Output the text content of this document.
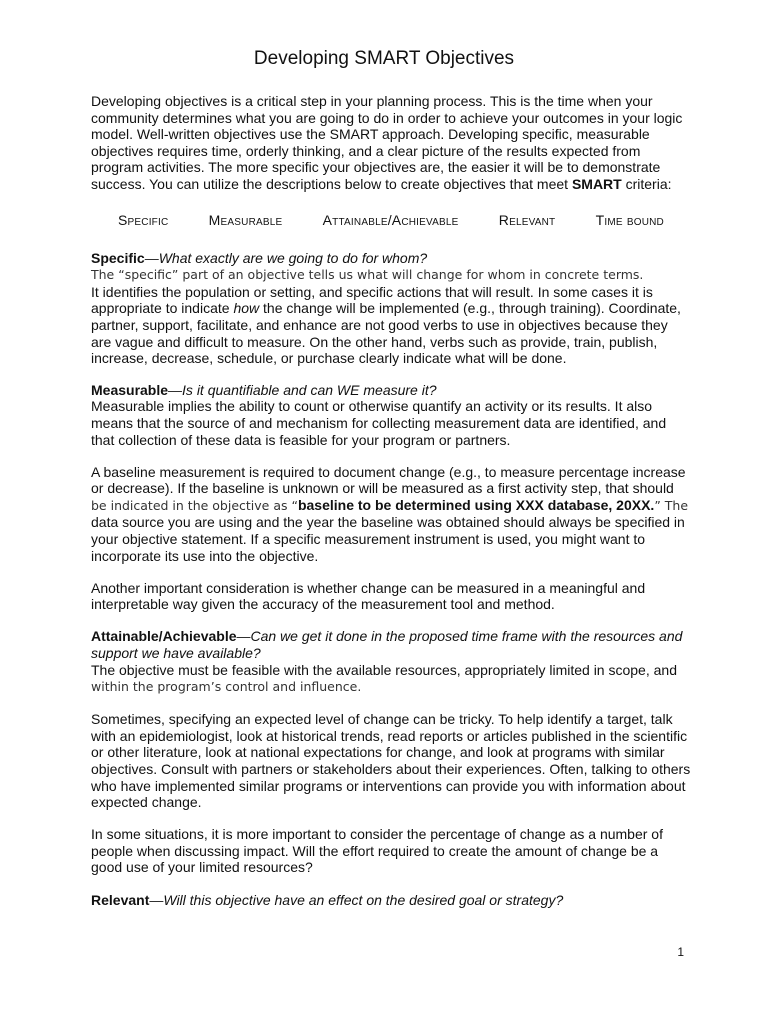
Developing SMART Objectives

Developing objectives is a critical step in your planning process. This is the time when your community determines what you are going to do in order to achieve your outcomes in your logic model. Well-written objectives use the SMART approach. Developing specific, measurable objectives requires time, orderly thinking, and a clear picture of the results expected from program activities. The more specific your objectives are, the easier it will be to demonstrate success. You can utilize the descriptions below to create objectives that meet SMART criteria:

Specific	Measurable	Attainable/Achievable	Relevant	Time bound

Specific—What exactly are we going to do for whom?
The “specific” part of an objective tells us what will change for whom in concrete terms.
It identifies the population or setting, and specific actions that will result. In some cases it is appropriate to indicate how the change will be implemented (e.g., through training). Coordinate, partner, support, facilitate, and enhance are not good verbs to use in objectives because they are vague and difficult to measure. On the other hand, verbs such as provide, train, publish, increase, decrease, schedule, or purchase clearly indicate what will be done.

Measurable—Is it quantifiable and can WE measure it?
Measurable implies the ability to count or otherwise quantify an activity or its results. It also means that the source of and mechanism for collecting measurement data are identified, and that collection of these data is feasible for your program or partners.

A baseline measurement is required to document change (e.g., to measure percentage increase or decrease). If the baseline is unknown or will be measured as a first activity step, that should
be indicated in the objective as “baseline to be determined using XXX database, 20XX.” The data source you are using and the year the baseline was obtained should always be specified in your objective statement. If a specific measurement instrument is used, you might want to incorporate its use into the objective.

Another important consideration is whether change can be measured in a meaningful and interpretable way given the accuracy of the measurement tool and method.

Attainable/Achievable—Can we get it done in the proposed time frame with the resources and support we have available?
The objective must be feasible with the available resources, appropriately limited in scope, and
within the program’s control and influence.

Sometimes, specifying an expected level of change can be tricky. To help identify a target, talk with an epidemiologist, look at historical trends, read reports or articles published in the scientific or other literature, look at national expectations for change, and look at programs with similar objectives. Consult with partners or stakeholders about their experiences. Often, talking to others who have implemented similar programs or interventions can provide you with information about expected change.

In some situations, it is more important to consider the percentage of change as a number of people when discussing impact. Will the effort required to create the amount of change be a good use of your limited resources?

Relevant—Will this objective have an effect on the desired goal or strategy?

1
